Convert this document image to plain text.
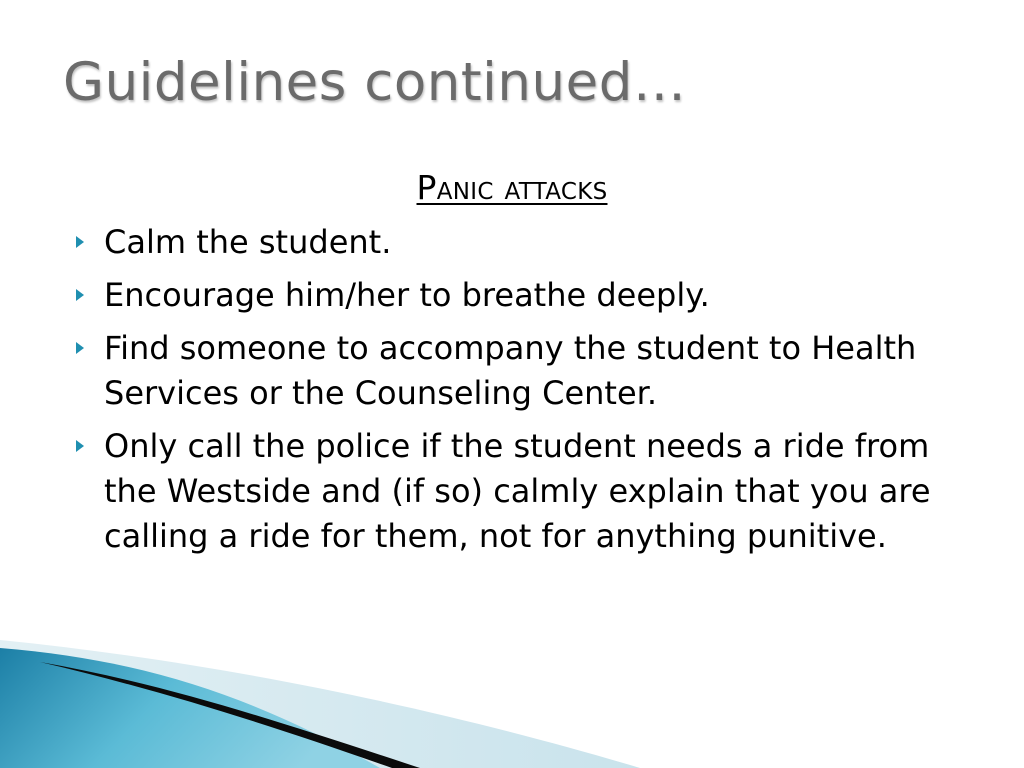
Guidelines continued…
Panic attacks
Calm the student.
Encourage him/her to breathe deeply.
Find someone to accompany the student to Health Services or the Counseling Center.
Only call the police if the student needs a ride from the Westside and (if so) calmly explain that you are calling a ride for them, not for anything punitive.
